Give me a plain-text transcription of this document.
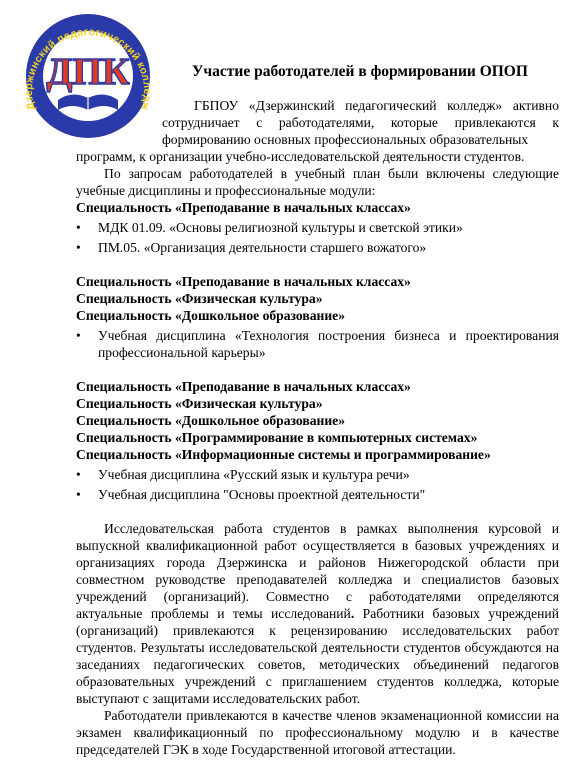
Дзержинский педагогический колледж
ДПК	Участие работодателей в формировании ОПОП
ГБПОУ «Дзержинский педагогический колледж» активно сотрудничает с работодателями, которые привлекаются к формированию основных профессиональных образовательных

программ, к организации учебно-исследовательской деятельности студентов.

По запросам работодателей в учебный план были включены следующие учебные дисциплины и профессиональные модули:

Специальность «Преподавание в начальных классах»

• МДК 01.09. «Основы религиозной культуры и светской этики»
• ПМ.05. «Организация деятельности старшего вожатого»

Специальность «Преподавание в начальных классах»

Специальность «Физическая культура»

Специальность «Дошкольное образование»

• Учебная дисциплина «Технология построения бизнеса и проектирования профессиональной карьеры»

Специальность «Преподавание в начальных классах»

Специальность «Физическая культура»

Специальность «Дошкольное образование»

Специальность «Программирование в компьютерных системах»

Специальность «Информационные системы и программирование»

• Учебная дисциплина «Русский язык и культура речи»
• Учебная дисциплина "Основы проектной деятельности"

Исследовательская работа студентов в рамках выполнения курсовой и выпускной квалификационной работ осуществляется в базовых учреждениях и организациях города Дзержинска и районов Нижегородской области при совместном руководстве преподавателей колледжа и специалистов базовых учреждений (организаций). Совместно с работодателями определяются актуальные проблемы и темы исследований. Работники базовых учреждений (организаций) привлекаются к рецензированию исследовательских работ студентов. Результаты исследовательской деятельности студентов обсуждаются на заседаниях педагогических советов, методических объединений педагогов образовательных учреждений с приглашением студентов колледжа, которые выступают с защитами исследовательских работ.

Работодатели привлекаются в качестве членов экзаменационной комиссии на экзамен квалификационный по профессиональному модулю и в качестве председателей ГЭК в ходе Государственной итоговой аттестации.
